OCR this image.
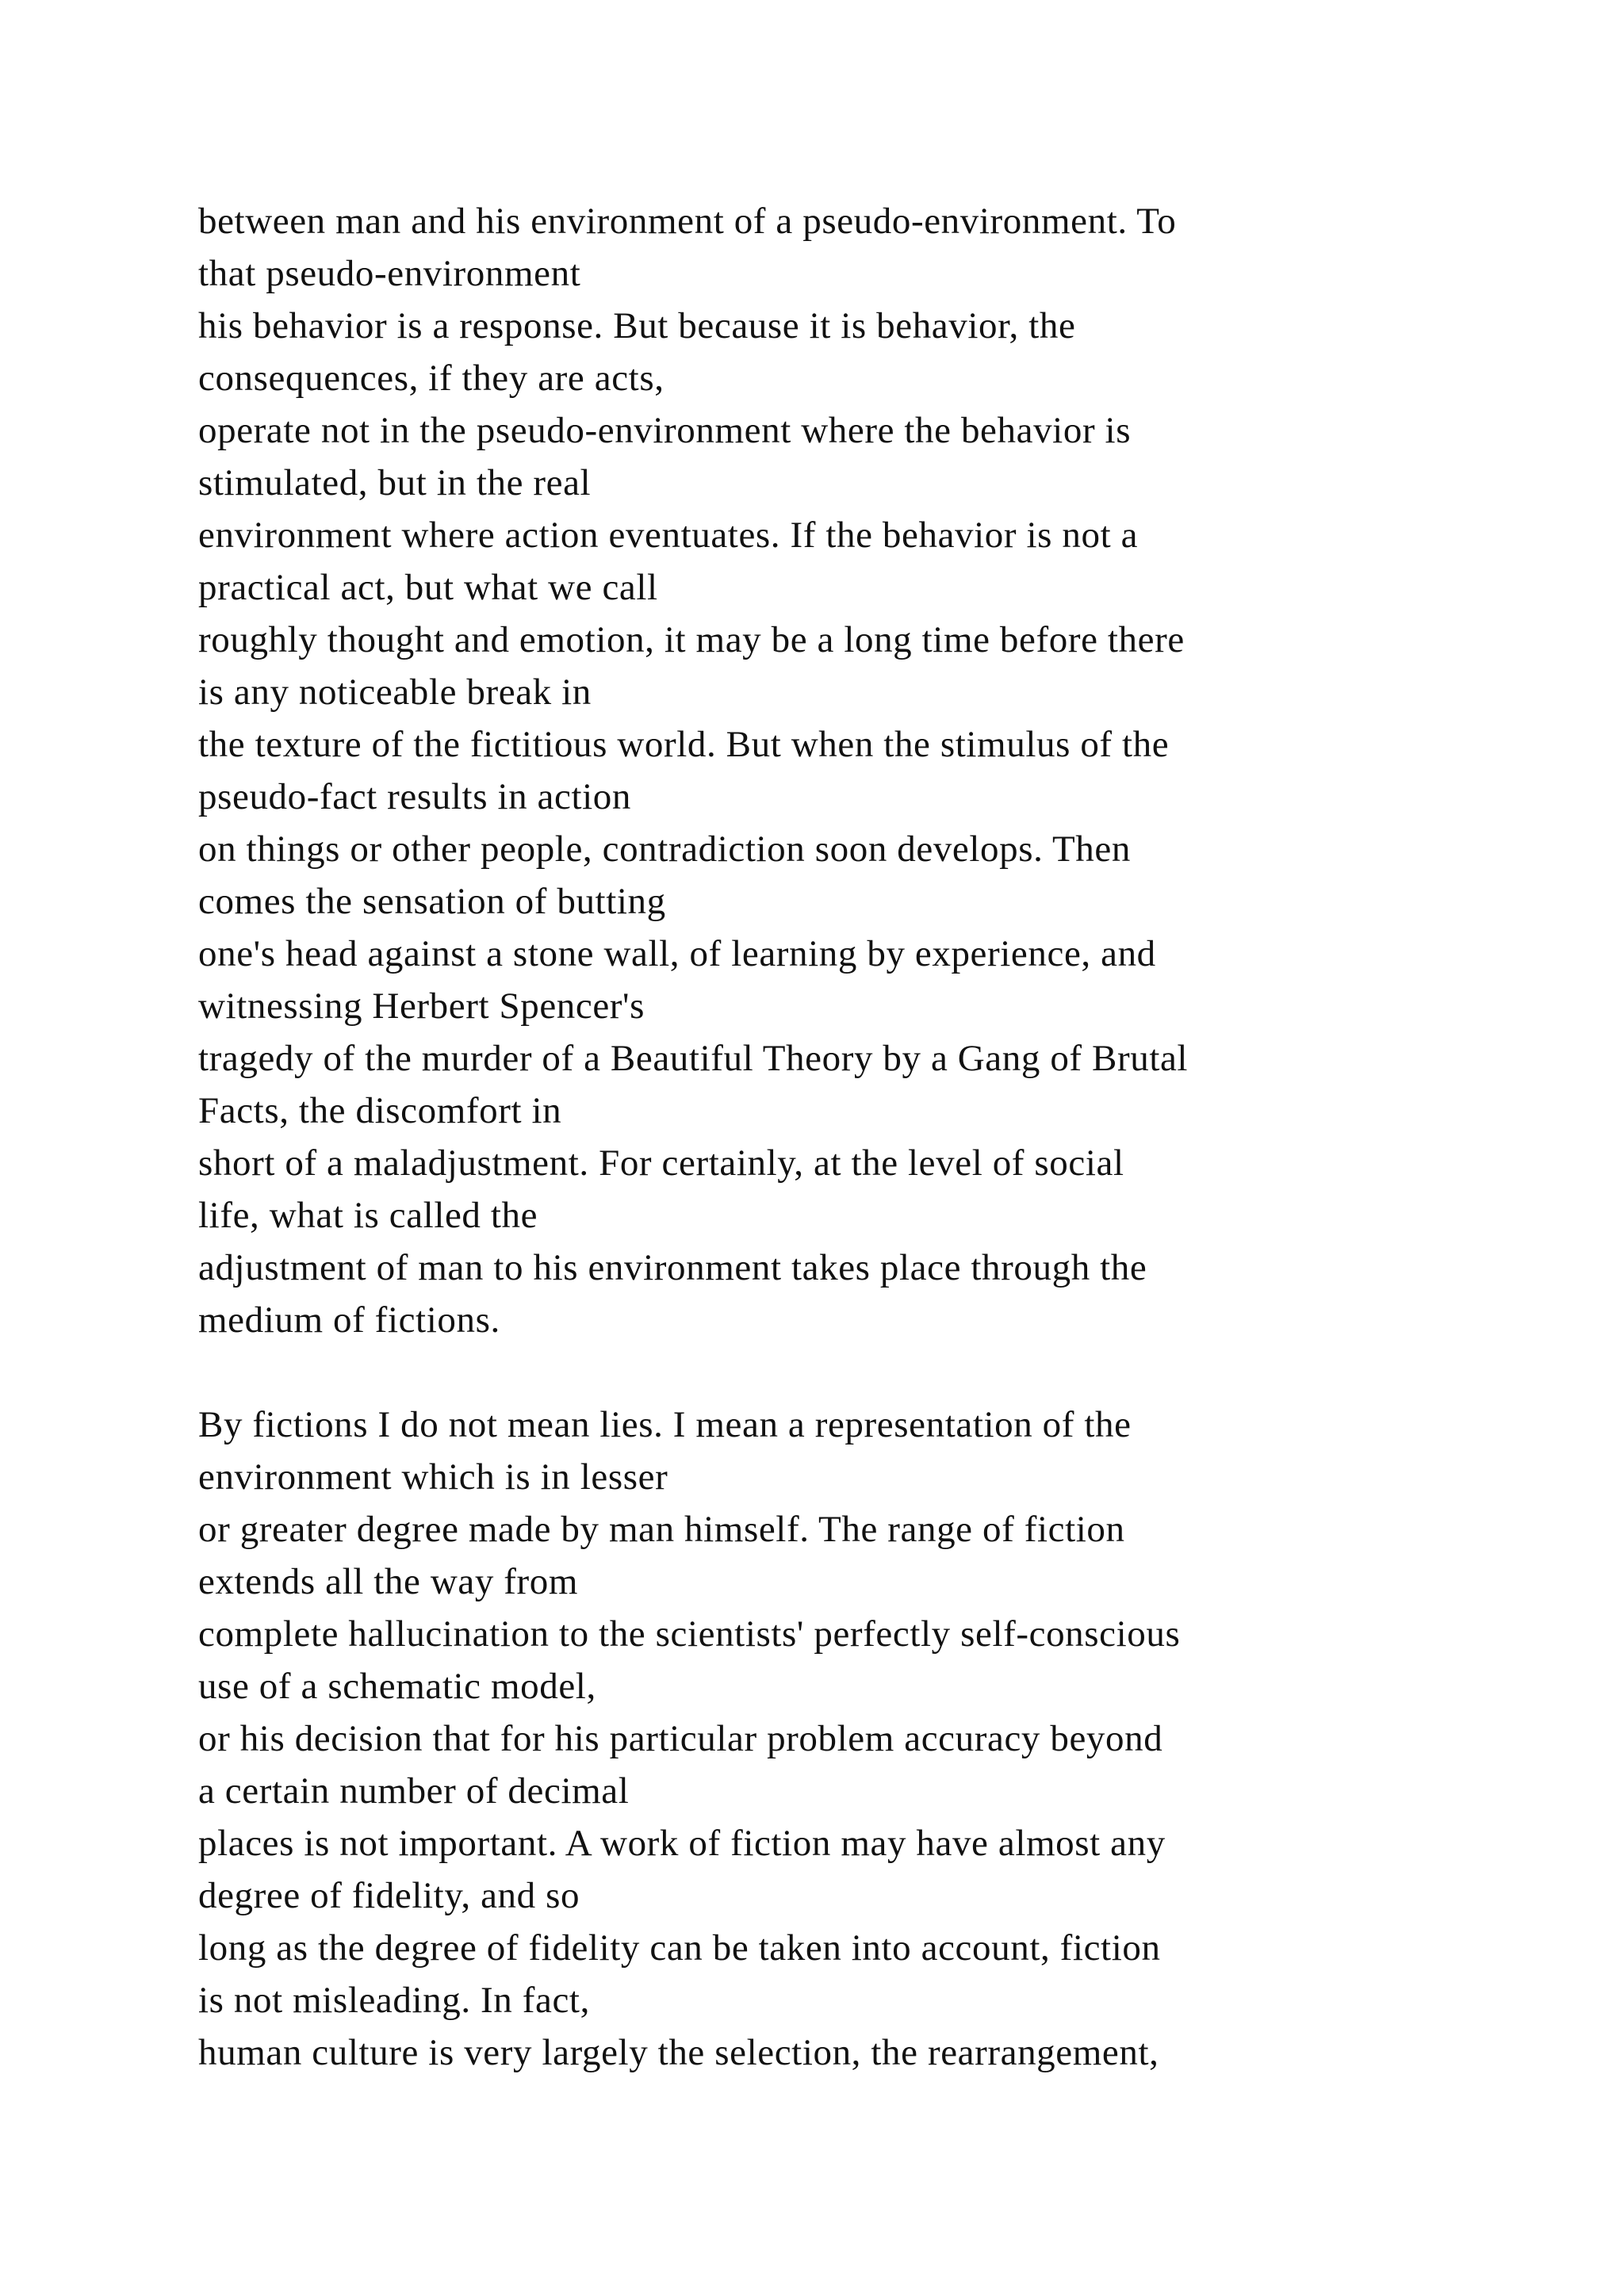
between man and his environment of a pseudo-environment. To
that pseudo-environment
his behavior is a response. But because it is behavior, the
consequences, if they are acts,
operate not in the pseudo-environment where the behavior is
stimulated, but in the real
environment where action eventuates. If the behavior is not a
practical act, but what we call
roughly thought and emotion, it may be a long time before there
is any noticeable break in
the texture of the fictitious world. But when the stimulus of the
pseudo-fact results in action
on things or other people, contradiction soon develops. Then
comes the sensation of butting
one's head against a stone wall, of learning by experience, and
witnessing Herbert Spencer's
tragedy of the murder of a Beautiful Theory by a Gang of Brutal
Facts, the discomfort in
short of a maladjustment. For certainly, at the level of social
life, what is called the
adjustment of man to his environment takes place through the
medium of fictions.
By fictions I do not mean lies. I mean a representation of the
environment which is in lesser
or greater degree made by man himself. The range of fiction
extends all the way from
complete hallucination to the scientists' perfectly self-conscious
use of a schematic model,
or his decision that for his particular problem accuracy beyond
a certain number of decimal
places is not important. A work of fiction may have almost any
degree of fidelity, and so
long as the degree of fidelity can be taken into account, fiction
is not misleading. In fact,
human culture is very largely the selection, the rearrangement,
